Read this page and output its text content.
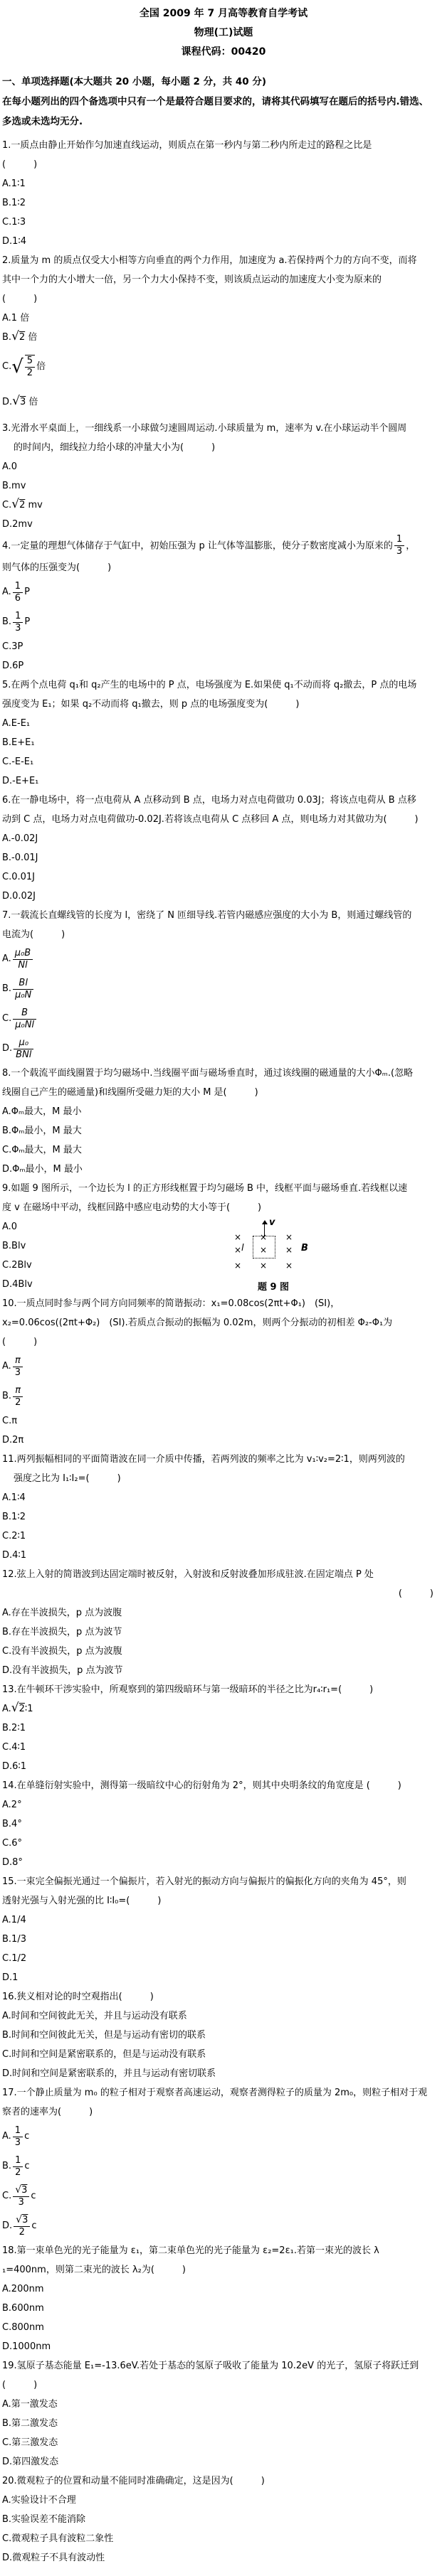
全国 2009 年 7 月高等教育自学考试
物理(工)试题
课程代码：00420
一、单项选择题(本大题共 20 小题，每小题 2 分，共 40 分)
在每小题列出的四个备选项中只有一个是最符合题目要求的，请将其代码填写在题后的括号内.错选、
多选或未选均无分.
1.一质点由静止开始作匀加速直线运动，则质点在第一秒内与第二秒内所走过的路程之比是
(　　　)
A.1∶1
B.1∶2
C.1∶3
D.1∶4
2.质量为 m 的质点仅受大小相等方向垂直的两个力作用，加速度为 a.若保持两个力的方向不变，而将
其中一个力的大小增大一倍，另一个力大小保持不变，则该质点运动的加速度大小变为原来的
(　　　)
A.1 倍
B.√2 倍
C. √ $\frac{5}{2}$ 倍
D.√3 倍
3.光滑水平桌面上，一细线系一小球做匀速圆周运动.小球质量为 m，速率为 v.在小球运动半个圆周
的时间内，细线拉力给小球的冲量大小为(　　　)
A.0
B.mv
C.√2 mv
D.2mv
4.一定量的理想气体储存于气缸中，初始压强为 p 让气体等温膨胀，使分子数密度减小为原来的 $\frac{1}{3}$ ，
则气体的压强变为(　　　)
A. $\frac{1}{6}$ P
B. $\frac{1}{3}$ P
C.3P
D.6P
5.在两个点电荷 q₁和 q₂产生的电场中的 P 点，电场强度为 E.如果使 q₁不动而将 q₂撤去，P 点的电场
强度变为 E₁；如果 q₂不动而将 q₁撤去，则 p 点的电场强度变为(　　　)
A.E-E₁
B.E+E₁
C.-E-E₁
D.-E+E₁
6.在一静电场中，将一点电荷从 A 点移动到 B 点，电场力对点电荷做功 0.03J；将该点电荷从 B 点移
动到 C 点，电场力对点电荷做功-0.02J.若将该点电荷从 C 点移回 A 点，则电场力对其做功为(　　　)
A.-0.02J
B.-0.01J
C.0.01J
D.0.02J
7.一载流长直螺线管的长度为 l，密绕了 N 匝细导线.若管内磁感应强度的大小为 B，则通过螺线管的
电流为(　　　)
A. $\frac{\text{μ₀B}}{Nl}$
B. $\frac{Bl}{\text{μ₀N}}$
C. $\frac{B}{\text{μ₀Nl}}$
D. $\frac{\text{μ₀}}{\text{BNl}}$
8.一个载流平面线圈置于均匀磁场中.当线圈平面与磁场垂直时，通过该线圈的磁通量的大小Φₘ.(忽略
线圈自己产生的磁通量)和线圈所受磁力矩的大小 M 是(　　　)
A.Φₘ最大，M 最小
B.Φₘ最小，M 最大
C.Φₘ最大，M 最大
D.Φₘ最小，M 最小
9.如题 9 图所示，一个边长为 l 的正方形线框置于均匀磁场 B 中，线框平面与磁场垂直.若线框以速
度 v 在磁场中平动，线框回路中感应电动势的大小等于(　　　)
A.0
B.Blv
C.2Blv
D.4Blv
v
× × ×
× × ×
× × ×
l	B
题 9 图
10.一质点同时参与两个同方向同频率的简谐振动：x₁=0.08cos(2πt+Φ₁)　(SI)，
x₂=0.06cos((2πt+Φ₂)　(SI).若质点合振动的振幅为 0.02m，则两个分振动的初相差 Φ₂-Φ₁为
(　　　)
A. $\frac{\pi}{3}$
B. $\frac{\pi}{2}$
C.π
D.2π
11.两列振幅相同的平面简谐波在同一介质中传播，若两列波的频率之比为 v₁∶v₂=2∶1，则两列波的
强度之比为 I₁∶I₂=(　　　)
A.1∶4
B.1∶2
C.2∶1
D.4∶1
12.弦上入射的简谐波到达固定端时被反射，入射波和反射波叠加形成驻波.在固定端点 P 处
(　　　)
A.存在半波损失，p 点为波腹
B.存在半波损失，p 点为波节
C.没有半波损失，p 点为波腹
D.没有半波损失，p 点为波节
13.在牛顿环干涉实验中，所观察到的第四级暗环与第一级暗环的半径之比为r₄∶r₁=(　　　)
A.√2∶1
B.2∶1
C.4∶1
D.6∶1
14.在单缝衍射实验中，测得第一级暗纹中心的衍射角为 2°，则其中央明条纹的角宽度是 (　　　)
A.2°
B.4°
C.6°
D.8°
15.一束完全偏振光通过一个偏振片，若入射光的振动方向与偏振片的偏振化方向的夹角为 45°，则
透射光强与入射光强的比 I∶I₀=(　　　)
A.1/4
B.1/3
C.1/2
D.1
16.狭义相对论的时空观指出(　　　)
A.时间和空间彼此无关，并且与运动没有联系
B.时间和空间彼此无关，但是与运动有密切的联系
C.时间和空间是紧密联系的，但是与运动没有联系
D.时间和空间是紧密联系的，并且与运动有密切联系
17.一个静止质量为 m₀ 的粒子相对于观察者高速运动，观察者测得粒子的质量为 2m₀，则粒子相对于观
察者的速率为(　　　)
A. $\frac{1}{3}$ c
B. $\frac{1}{2}$ c
C. $\frac{√3}{3}$ c
D. $\frac{√3}{2}$ c
18.第一束单色光的光子能量为 ε₁，第二束单色光的光子能量为 ε₂=2ε₁.若第一束光的波长 λ
₁=400nm，则第二束光的波长 λ₂为(　　　)
A.200nm
B.600nm
C.800nm
D.1000nm
19.氢原子基态能量 E₁=-13.6eV.若处于基态的氢原子吸收了能量为 10.2eV 的光子，氢原子将跃迁到
(　　　)
A.第一激发态
B.第二激发态
C.第三激发态
D.第四激发态
20.微观粒子的位置和动量不能同时准确确定，这是因为(　　　)
A.实验设计不合理
B.实验误差不能消除
C.微观粒子具有波粒二象性
D.微观粒子不具有波动性
